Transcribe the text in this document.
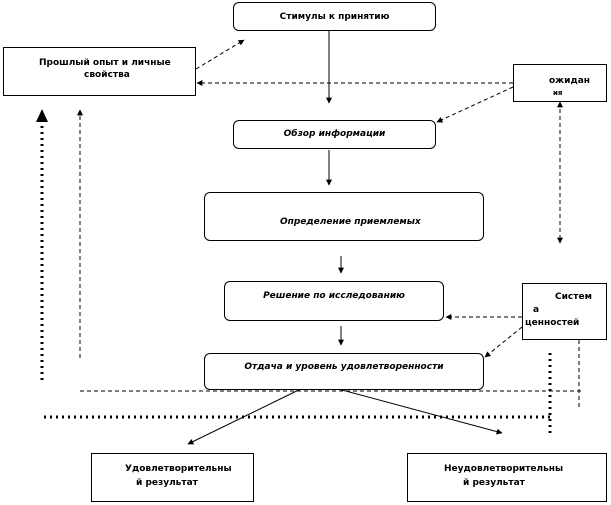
Стимулы к принятию
Прошлый опыт и личные
свойства
ожидан
ия
Обзор информации
Определение приемлемых
Решение по исследованию	Систем
а
ценностей
Отдача и уровень удовлетворенности
Удовлетворительны
й результат
Неудовлетворительны
й результат
